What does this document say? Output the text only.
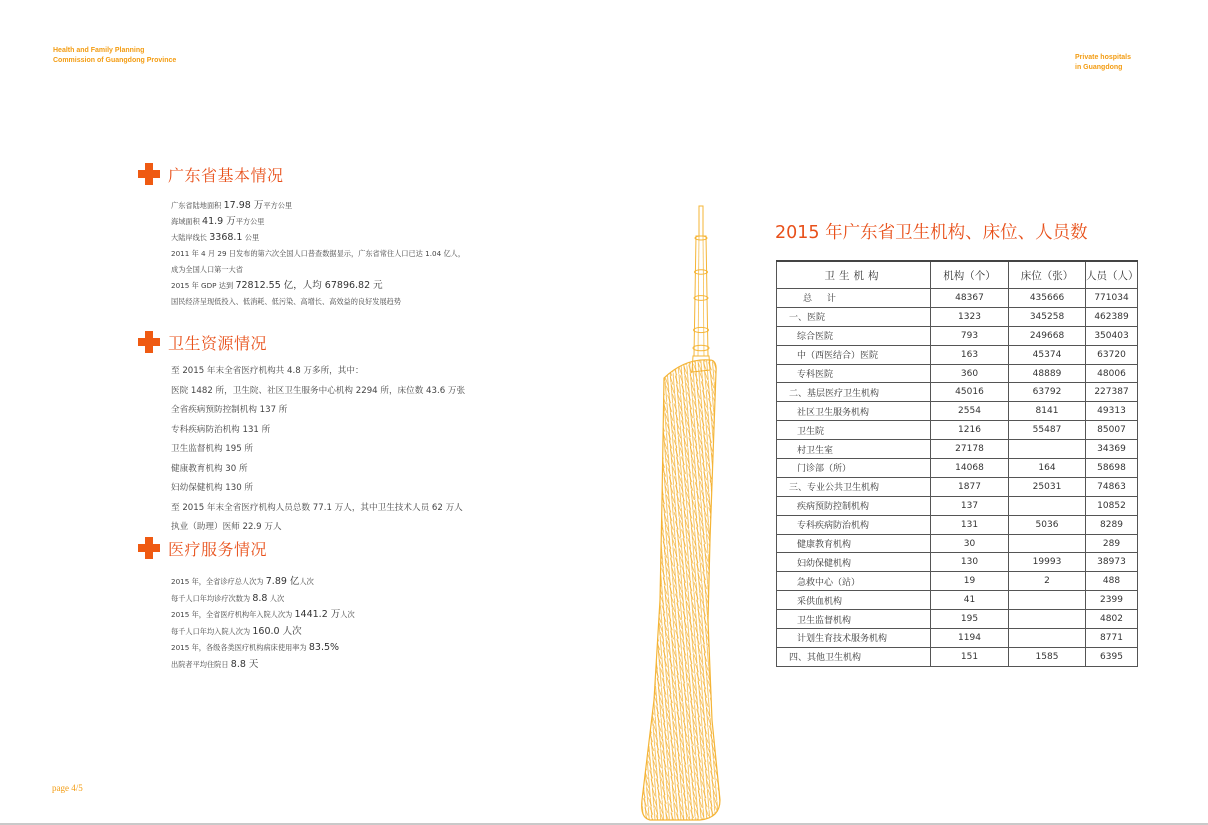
Health and Family Planning
Commission of Guangdong Province	Private hospitals
in Guangdong
广东省基本情况
广东省陆地面积 17.98 万平方公里
海域面积 41.9 万平方公里
大陆岸线长 3368.1 公里
2011 年 4 月 29 日发布的第六次全国人口普查数据显示，广东省常住人口已达 1.04 亿人，
成为全国人口第一大省
2015 年 GDP 达到 72812.55 亿，人均 67896.82 元
国民经济呈现低投入、低消耗、低污染、高增长、高效益的良好发展趋势
卫生资源情况
至 2015 年末全省医疗机构共 4.8 万多所，其中：
医院 1482 所，卫生院、社区卫生服务中心机构 2294 所，床位数 43.6 万张
全省疾病预防控制机构 137 所
专科疾病防治机构 131 所
卫生监督机构 195 所
健康教育机构 30 所
妇幼保健机构 130 所
至 2015 年末全省医疗机构人员总数 77.1 万人，其中卫生技术人员 62 万人
执业（助理）医师 22.9 万人
医疗服务情况
2015 年，全省诊疗总人次为 7.89 亿人次
每千人口年均诊疗次数为 8.8 人次
2015 年，全省医疗机构年入院人次为 1441.2 万人次
每千人口年均入院人次为 160.0 人次
2015 年，各级各类医疗机构病床使用率为 83.5%
出院者平均住院日 8.8 天
2015 年广东省卫生机构、床位、人员数
卫生机构	机构（个）	床位（张）	人员（人）
总 计	48367	435666	771034
一、医院	1323	345258	462389
综合医院	793	249668	350403
中（西医结合）医院	163	45374	63720
专科医院	360	48889	48006
二、基层医疗卫生机构	45016	63792	227387
社区卫生服务机构	2554	8141	49313
卫生院	1216	55487	85007
村卫生室	27178		34369
门诊部（所）	14068	164	58698
三、专业公共卫生机构	1877	25031	74863
疾病预防控制机构	137		10852
专科疾病防治机构	131	5036	8289
健康教育机构	30		289
妇幼保健机构	130	19993	38973
急救中心（站）	19	2	488
采供血机构	41		2399
卫生监督机构	195		4802
计划生育技术服务机构	1194		8771
四、其他卫生机构	151	1585	6395
page 4/5
